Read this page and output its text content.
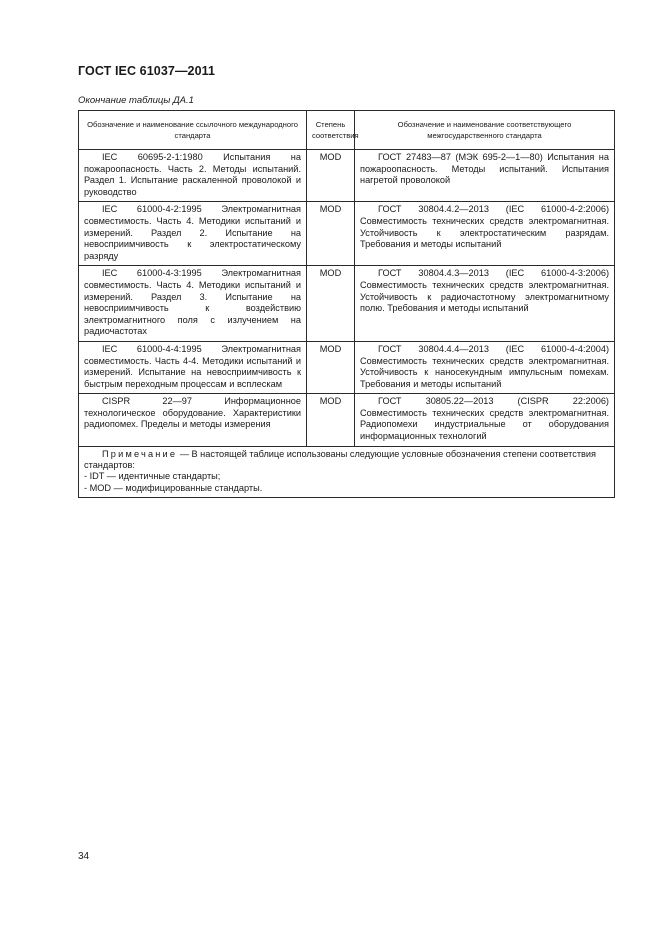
ГОСТ IEC 61037—2011
Окончание таблицы ДА.1
Обозначение и наименование ссылочного международного стандарта	Степень соответствия	Обозначение и наименование соответствующего межгосударственного стандарта
IEC 60695-2-1:1980 Испытания на пожароопасность. Часть 2. Методы испытаний. Раздел 1. Испытание раскаленной проволокой и руководство	MOD	ГОСТ 27483—87 (МЭК 695-2—1—80) Испытания на пожароопасность. Методы испытаний. Испытания нагретой проволокой
IEC 61000-4-2:1995 Электромагнитная совместимость. Часть 4. Методики испытаний и измерений. Раздел 2. Испытание на невосприимчивость к электростатическому разряду	MOD	ГОСТ 30804.4.2—2013 (IEC 61000-4-2:2006) Совместимость технических средств электромагнитная. Устойчивость к электростатическим разрядам. Требования и методы испытаний
IEC 61000-4-3:1995 Электромагнитная совместимость. Часть 4. Методики испытаний и измерений. Раздел 3. Испытание на невосприимчивость к воздействию электромагнитного поля с излучением на радиочастотах	MOD	ГОСТ 30804.4.3—2013 (IEC 61000-4-3:2006) Совместимость технических средств электромагнитная. Устойчивость к радиочастотному электромагнитному полю. Требования и методы испытаний
IEC 61000-4-4:1995 Электромагнитная совместимость. Часть 4-4. Методики испытаний и измерений. Испытание на невосприимчивость к быстрым переходным процессам и всплескам	MOD	ГОСТ 30804.4.4—2013 (IEC 61000-4-4:2004) Совместимость технических средств электромагнитная. Устойчивость к наносекундным импульсным помехам. Требования и методы испытаний
CISPR 22—97 Информационное технологическое оборудование. Характеристики радиопомех. Пределы и методы измерения	MOD	ГОСТ 30805.22—2013 (CISPR 22:2006) Совместимость технических средств электромагнитная. Радиопомехи индустриальные от оборудования информационных технологий

Примечание — В настоящей таблице использованы следующие условные обозначения степени соответствия стандартов:
- IDT — идентичные стандарты;
- MOD — модифицированные стандарты.		
34
